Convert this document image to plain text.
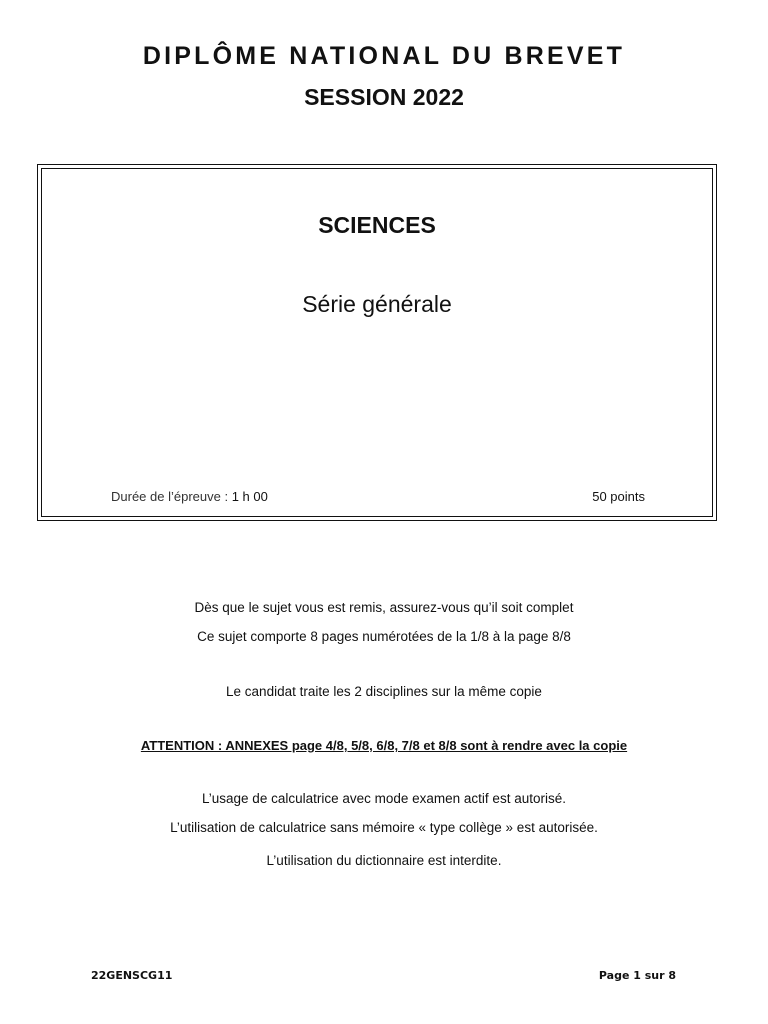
DIPLÔME NATIONAL DU BREVET
SESSION 2022
SCIENCES
Série générale
Durée de l’épreuve : 1 h 00	50 points
Dès que le sujet vous est remis, assurez-vous qu’il soit complet
Ce sujet comporte 8 pages numérotées de la 1/8 à la page 8/8
Le candidat traite les 2 disciplines sur la même copie
ATTENTION : ANNEXES page 4/8, 5/8, 6/8, 7/8 et 8/8 sont à rendre avec la copie
L’usage de calculatrice avec mode examen actif est autorisé.
L’utilisation de calculatrice sans mémoire « type collège » est autorisée.
L’utilisation du dictionnaire est interdite.
22GENSCG11	Page 1 sur 8
